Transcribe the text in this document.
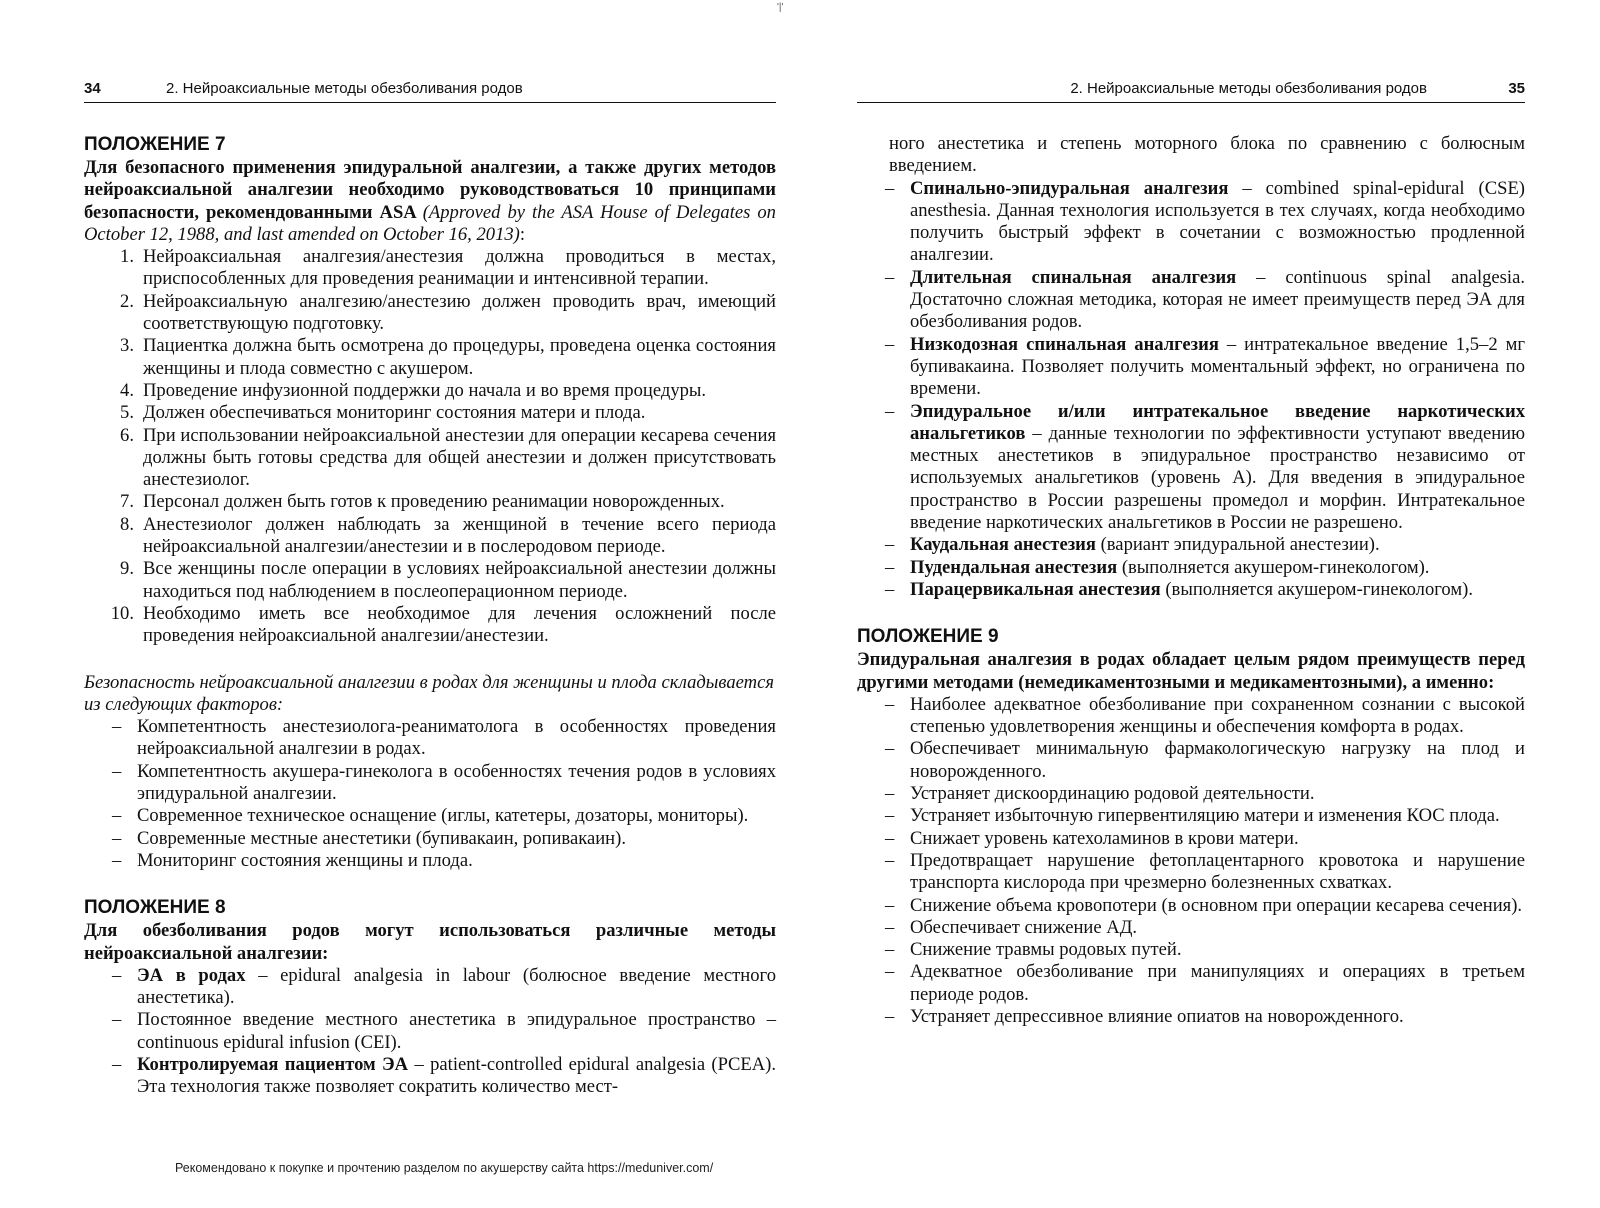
34	2. Нейроаксиальные методы обезболивания родов
ПОЛОЖЕНИЕ 7
Для безопасного применения эпидуральной аналгезии, а также других методов нейроаксиальной аналгезии необходимо руководствоваться 10 принципами безопасности, рекомендованными ASA (Approved by the ASA House of Delegates on October 12, 1988, and last amended on October 16, 2013):
1. Нейроаксиальная аналгезия/анестезия должна проводиться в местах, приспособленных для проведения реанимации и интенсивной терапии.
2. Нейроаксиальную аналгезию/анестезию должен проводить врач, имеющий соответствующую подготовку.
3. Пациентка должна быть осмотрена до процедуры, проведена оценка состояния женщины и плода совместно с акушером.
4. Проведение инфузионной поддержки до начала и во время процедуры.
5. Должен обеспечиваться мониторинг состояния матери и плода.
6. При использовании нейроаксиальной анестезии для операции кесарева сечения должны быть готовы средства для общей анестезии и должен присутствовать анестезиолог.
7. Персонал должен быть готов к проведению реанимации новорожденных.
8. Анестезиолог должен наблюдать за женщиной в течение всего периода нейроаксиальной аналгезии/анестезии и в послеродовом периоде.
9. Все женщины после операции в условиях нейроаксиальной анестезии должны находиться под наблюдением в послеоперационном периоде.
10. Необходимо иметь все необходимое для лечения осложнений после проведения нейроаксиальной аналгезии/анестезии.
Безопасность нейроаксиальной аналгезии в родах для женщины и плода складывается из следующих факторов:
– Компетентность анестезиолога-реаниматолога в особенностях проведения нейроаксиальной аналгезии в родах.
– Компетентность акушера-гинеколога в особенностях течения родов в условиях эпидуральной аналгезии.
– Современное техническое оснащение (иглы, катетеры, дозаторы, мониторы).
– Современные местные анестетики (бупивакаин, ропивакаин).
– Мониторинг состояния женщины и плода.
ПОЛОЖЕНИЕ 8
Для обезболивания родов могут использоваться различные методы нейроаксиальной аналгезии:
– ЭА в родах – epidural analgesia in labour (болюсное введение местного анестетика).
– Постоянное введение местного анестетика в эпидуральное пространство – continuous epidural infusion (CEI).
– Контролируемая пациентом ЭА – patient-controlled epidural analgesia (PCEA). Эта технология также позволяет сократить количество мест-
2. Нейроаксиальные методы обезболивания родов	35
ного анестетика и степень моторного блока по сравнению с болюсным введением.
– Спинально-эпидуральная аналгезия – combined spinal-epidural (CSE) anesthesia. Данная технология используется в тех случаях, когда необходимо получить быстрый эффект в сочетании с возможностью продленной аналгезии.
– Длительная спинальная аналгезия – continuous spinal analgesia. Достаточно сложная методика, которая не имеет преимуществ перед ЭА для обезболивания родов.
– Низкодозная спинальная аналгезия – интратекальное введение 1,5–2 мг бупивакаина. Позволяет получить моментальный эффект, но ограничена по времени.
– Эпидуральное и/или интратекальное введение наркотических анальгетиков – данные технологии по эффективности уступают введению местных анестетиков в эпидуральное пространство независимо от используемых анальгетиков (уровень А). Для введения в эпидуральное пространство в России разрешены промедол и морфин. Интратекальное введение наркотических анальгетиков в России не разрешено.
– Каудальная анестезия (вариант эпидуральной анестезии).
– Пудендальная анестезия (выполняется акушером-гинекологом).
– Парацервикальная анестезия (выполняется акушером-гинекологом).
ПОЛОЖЕНИЕ 9
Эпидуральная аналгезия в родах обладает целым рядом преимуществ перед другими методами (немедикаментозными и медикаментозными), а именно:
– Наиболее адекватное обезболивание при сохраненном сознании с высокой степенью удовлетворения женщины и обеспечения комфорта в родах.
– Обеспечивает минимальную фармакологическую нагрузку на плод и новорожденного.
– Устраняет дискоординацию родовой деятельности.
– Устраняет избыточную гипервентиляцию матери и изменения КОС плода.
– Снижает уровень катехоламинов в крови матери.
– Предотвращает нарушение фетоплацентарного кровотока и нарушение транспорта кислорода при чрезмерно болезненных схватках.
– Снижение объема кровопотери (в основном при операции кесарева сечения).
– Обеспечивает снижение АД.
– Снижение травмы родовых путей.
– Адекватное обезболивание при манипуляциях и операциях в третьем периоде родов.
– Устраняет депрессивное влияние опиатов на новорожденного.
Рекомендовано к покупке и прочтению разделом по акушерству сайта https://meduniver.com/
'|'
